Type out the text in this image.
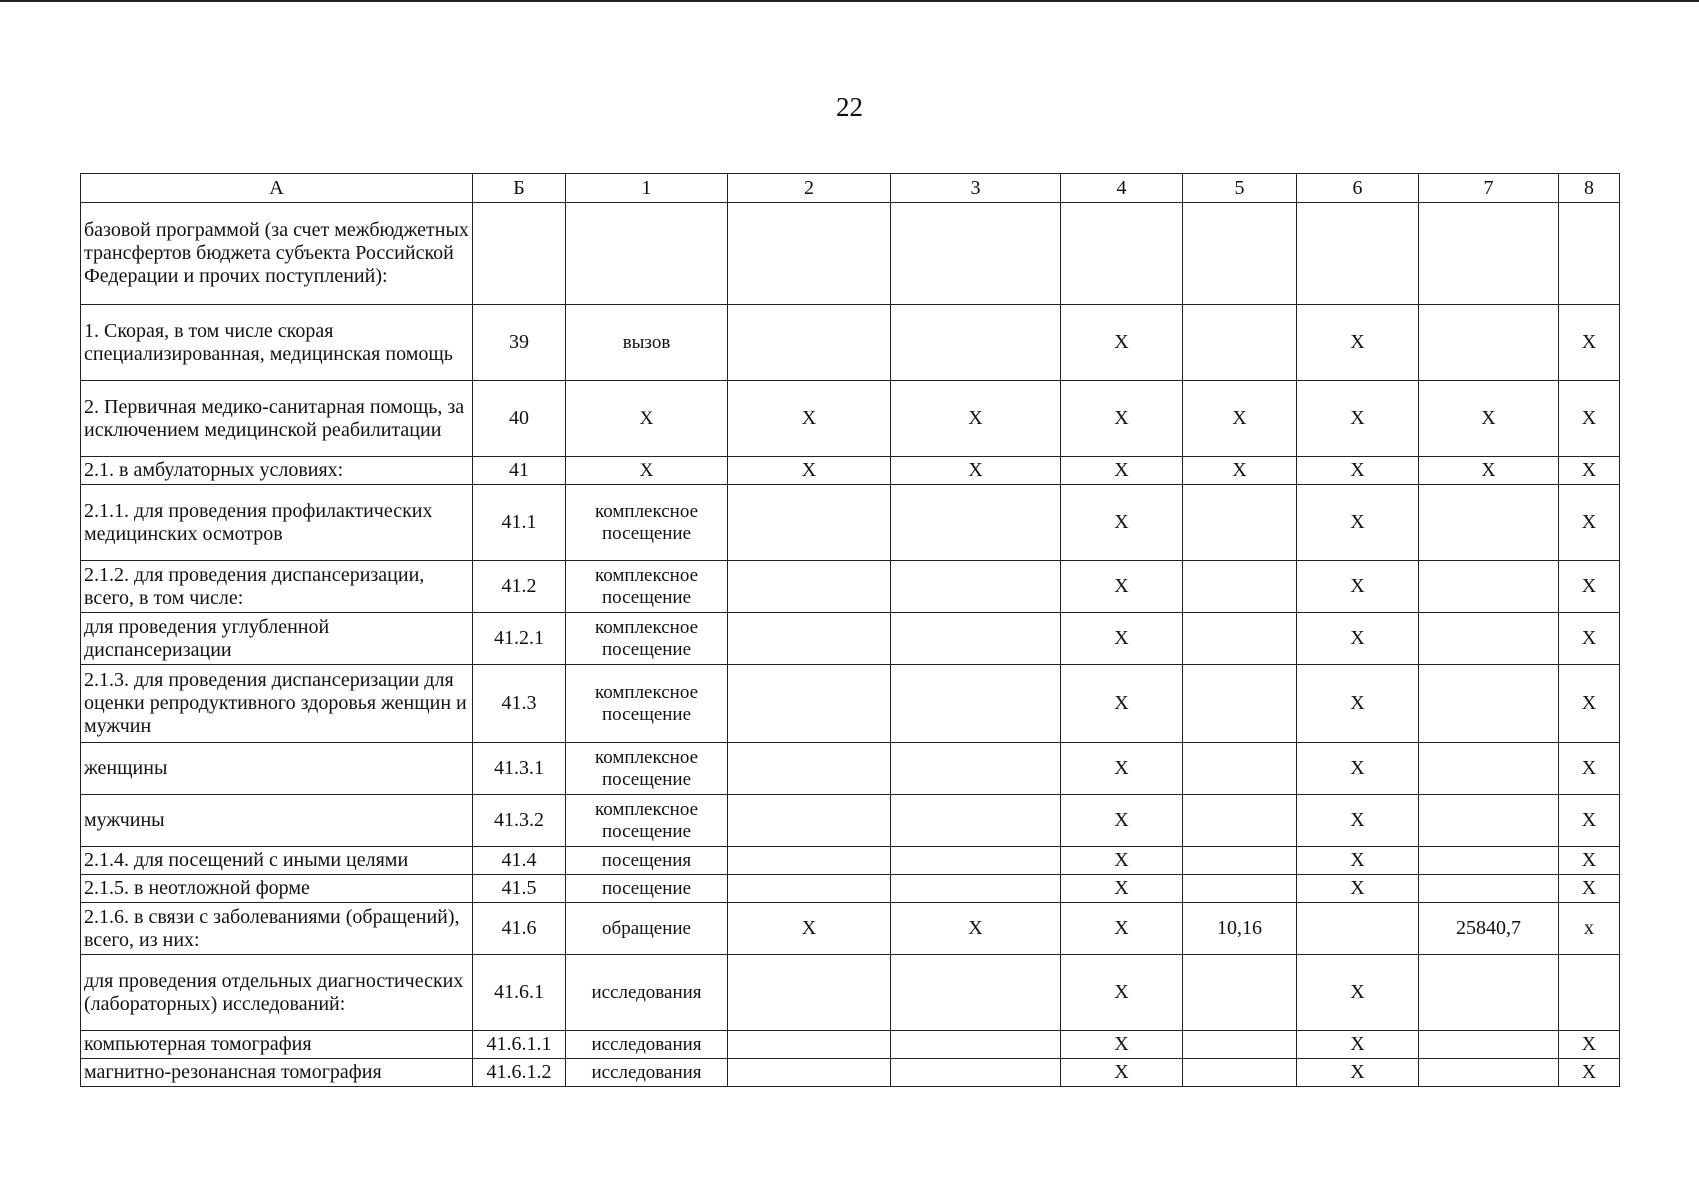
22
А	Б	1	2	3	4	5	6	7	8
базовой программой (за счет межбюджетных трансфертов бюджета субъекта Российской Федерации и прочих поступлений):									
1. Скорая, в том числе скорая специализированная, медицинская помощь	39	вызов			Х		Х		Х
2. Первичная медико-санитарная помощь, за исключением медицинской реабилитации	40	Х	Х	Х	Х	Х	Х	Х	Х
2.1. в амбулаторных условиях:	41	Х	Х	Х	Х	Х	Х	Х	Х
2.1.1. для проведения профилактических медицинских осмотров	41.1	комплексное посещение			Х		Х		Х
2.1.2. для проведения диспансеризации, всего, в том числе:	41.2	комплексное посещение			Х		Х		Х
для проведения углубленной диспансеризации	41.2.1	комплексное посещение			Х		Х		Х
2.1.3. для проведения диспансеризации для оценки репродуктивного здоровья женщин и мужчин	41.3	комплексное посещение			Х		Х		Х
женщины	41.3.1	комплексное посещение			Х		Х		Х
мужчины	41.3.2	комплексное посещение			Х		Х		Х
2.1.4. для посещений с иными целями	41.4	посещения			Х		Х		Х
2.1.5. в неотложной форме	41.5	посещение			Х		Х		Х
2.1.6. в связи с заболеваниями (обращений), всего, из них:	41.6	обращение	Х	Х	Х	10,16		25840,7	х
для проведения отдельных диагностических (лабораторных) исследований:	41.6.1	исследования			Х		Х		
компьютерная томография	41.6.1.1	исследования			Х		Х		Х
магнитно-резонансная томография	41.6.1.2	исследования			Х		Х		Х
